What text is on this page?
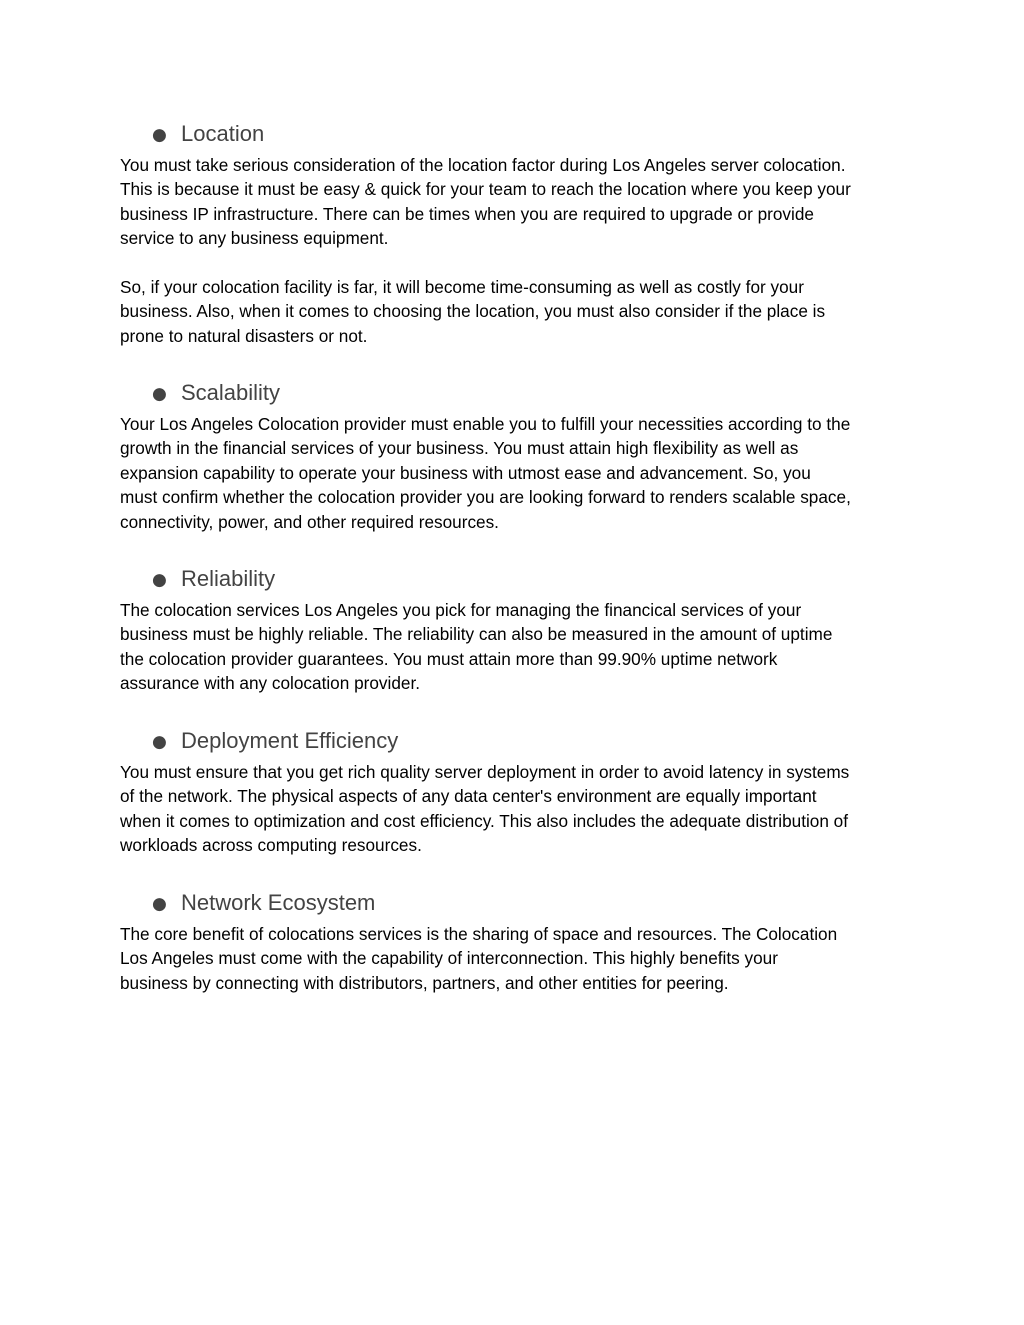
● Location

You must take serious consideration of the location factor during Los Angeles server colocation.
This is because it must be easy & quick for your team to reach the location where you keep your
business IP infrastructure. There can be times when you are required to upgrade or provide
service to any business equipment.

So, if your colocation facility is far, it will become time-consuming as well as costly for your
business. Also, when it comes to choosing the location, you must also consider if the place is
prone to natural disasters or not.

● Scalability

Your Los Angeles Colocation provider must enable you to fulfill your necessities according to the
growth in the financial services of your business. You must attain high flexibility as well as
expansion capability to operate your business with utmost ease and advancement. So, you
must confirm whether the colocation provider you are looking forward to renders scalable space,
connectivity, power, and other required resources.

● Reliability

The colocation services Los Angeles you pick for managing the financical services of your
business must be highly reliable. The reliability can also be measured in the amount of uptime
the colocation provider guarantees. You must attain more than 99.90% uptime network
assurance with any colocation provider.

● Deployment Efficiency

You must ensure that you get rich quality server deployment in order to avoid latency in systems
of the network. The physical aspects of any data center's environment are equally important
when it comes to optimization and cost efficiency. This also includes the adequate distribution of
workloads across computing resources.

● Network Ecosystem

The core benefit of colocations services is the sharing of space and resources. The Colocation
Los Angeles must come with the capability of interconnection. This highly benefits your
business by connecting with distributors, partners, and other entities for peering.
